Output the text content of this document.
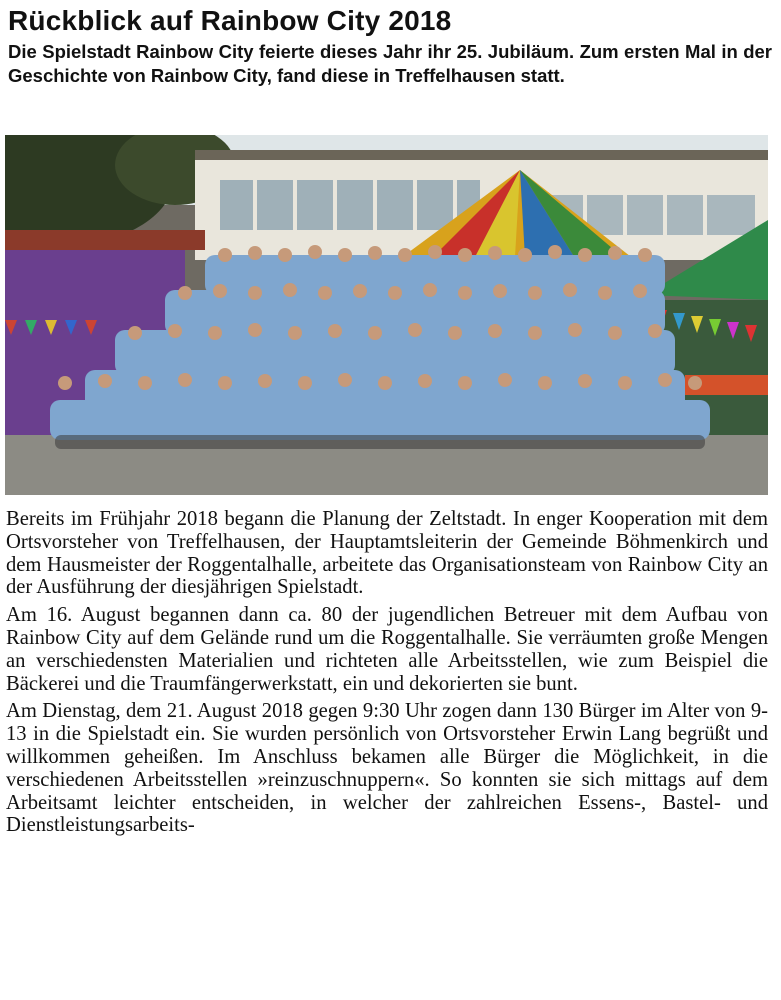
Rückblick auf Rainbow City 2018
Die Spielstadt Rainbow City feierte dieses Jahr ihr 25. Jubiläum. Zum ersten Mal in der Geschichte von Rainbow City, fand diese in Treffelhausen statt.

Bereits im Frühjahr 2018 begann die Planung der Zeltstadt. In enger Kooperation mit dem Ortsvorsteher von Treffelhausen, der Hauptamtsleiterin der Gemeinde Böhmenkirch und dem Hausmeister der Roggentalhalle, arbeitete das Organisationsteam von Rainbow City an der Ausführung der diesjährigen Spielstadt.

Am 16. August begannen dann ca. 80 der jugendlichen Betreuer mit dem Aufbau von Rainbow City auf dem Gelände rund um die Roggentalhalle. Sie verräumten große Mengen an verschiedensten Materialien und richteten alle Arbeitsstellen, wie zum Beispiel die Bäckerei und die Traumfängerwerkstatt, ein und dekorierten sie bunt.

Am Dienstag, dem 21. August 2018 gegen 9:30 Uhr zogen dann 130 Bürger im Alter von 9-13 in die Spielstadt ein. Sie wurden persönlich von Ortsvorsteher Erwin Lang begrüßt und willkommen geheißen. Im Anschluss bekamen alle Bürger die Möglichkeit, in die verschiedenen Arbeitsstellen »reinzuschnuppern«. So konnten sie sich mittags auf dem Arbeitsamt leichter entscheiden, in welcher der zahlreichen Essens-, Bastel- und Dienstleistungsarbeits-
